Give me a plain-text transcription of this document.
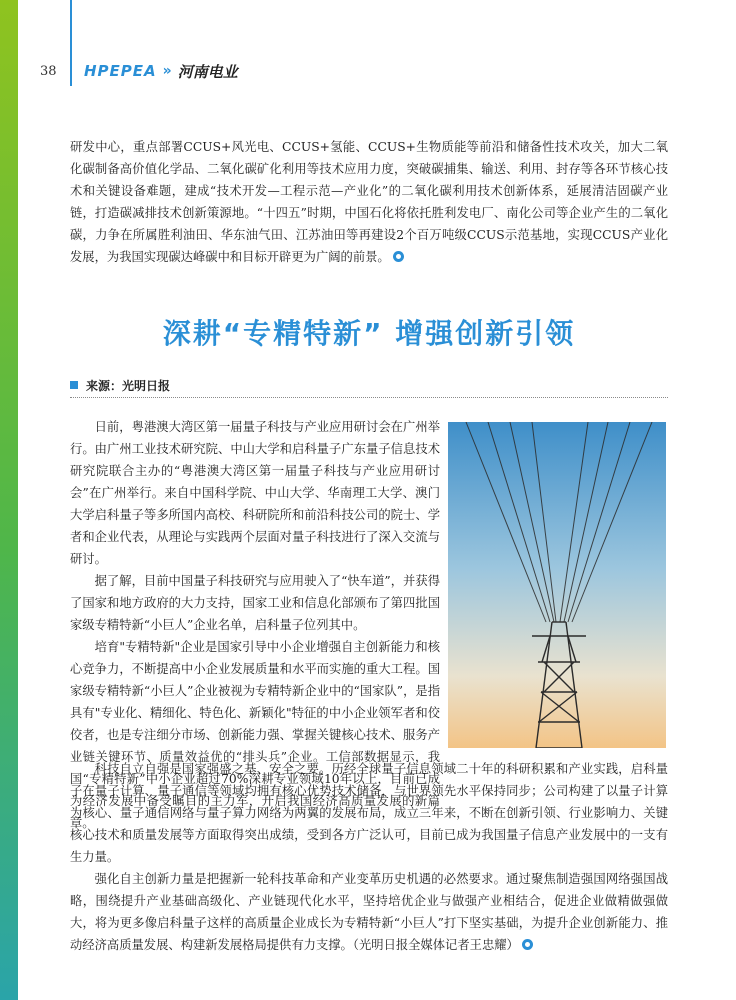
38 HPEPEA » 河南电业
研发中心，重点部署CCUS+风光电、CCUS+氢能、CCUS+生物质能等前沿和储备性技术攻关，加大二氧化碳制备高价值化学品、二氧化碳矿化利用等技术应用力度，突破碳捕集、输送、利用、封存等各环节核心技术和关键设备难题，建成“技术开发—工程示范—产业化”的二氧化碳利用技术创新体系，延展清洁固碳产业链，打造碳减排技术创新策源地。“十四五”时期，中国石化将依托胜利发电厂、南化公司等企业产生的二氧化碳，力争在所属胜利油田、华东油气田、江苏油田等再建设2个百万吨级CCUS示范基地，实现CCUS产业化发展，为我国实现碳达峰碳中和目标开辟更为广阔的前景。
深耕“专精特新” 增强创新引领
来源：光明日报

日前，粤港澳大湾区第一届量子科技与产业应用研讨会在广州举行。由广州工业技术研究院、中山大学和启科量子广东量子信息技术研究院联合主办的“粤港澳大湾区第一届量子科技与产业应用研讨会”在广州举行。来自中国科学院、中山大学、华南理工大学、澳门大学启科量子等多所国内高校、科研院所和前沿科技公司的院士、学者和企业代表，从理论与实践两个层面对量子科技进行了深入交流与研讨。

据了解，目前中国量子科技研究与应用驶入了“快车道”，并获得了国家和地方政府的大力支持，国家工业和信息化部颁布了第四批国家级专精特新“小巨人”企业名单，启科量子位列其中。

培育"专精特新"企业是国家引导中小企业增强自主创新能力和核心竞争力，不断提高中小企业发展质量和水平而实施的重大工程。国家级专精特新“小巨人”企业被视为专精特新企业中的“国家队”，是指具有"专业化、精细化、特色化、新颖化"特征的中小企业领军者和佼佼者，也是专注细分市场、创新能力强、掌握关键核心技术、服务产业链关键环节、质量效益优的“排头兵”企业。工信部数据显示，我国“专精特新”中小企业超过70%深耕专业领域10年以上，目前已成为经济发展中备受瞩目的主力军，开启我国经济高质量发展的新篇章。

科技自立自强是国家强盛之基、安全之要。历经全球量子信息领域二十年的科研积累和产业实践，启科量子在量子计算、量子通信等领域均拥有核心优势技术储备，与世界领先水平保持同步；公司构建了以量子计算为核心、量子通信网络与量子算力网络为两翼的发展布局，成立三年来，不断在创新引领、行业影响力、关键核心技术和质量发展等方面取得突出成绩，受到各方广泛认可，目前已成为我国量子信息产业发展中的一支有生力量。

强化自主创新力量是把握新一轮科技革命和产业变革历史机遇的必然要求。通过聚焦制造强国网络强国战略，围绕提升产业基础高级化、产业链现代化水平，坚持培优企业与做强产业相结合，促进企业做精做强做大，将为更多像启科量子这样的高质量企业成长为专精特新“小巨人”打下坚实基础，为提升企业创新能力、推动经济高质量发展、构建新发展格局提供有力支撑。（光明日报全媒体记者王忠耀）
